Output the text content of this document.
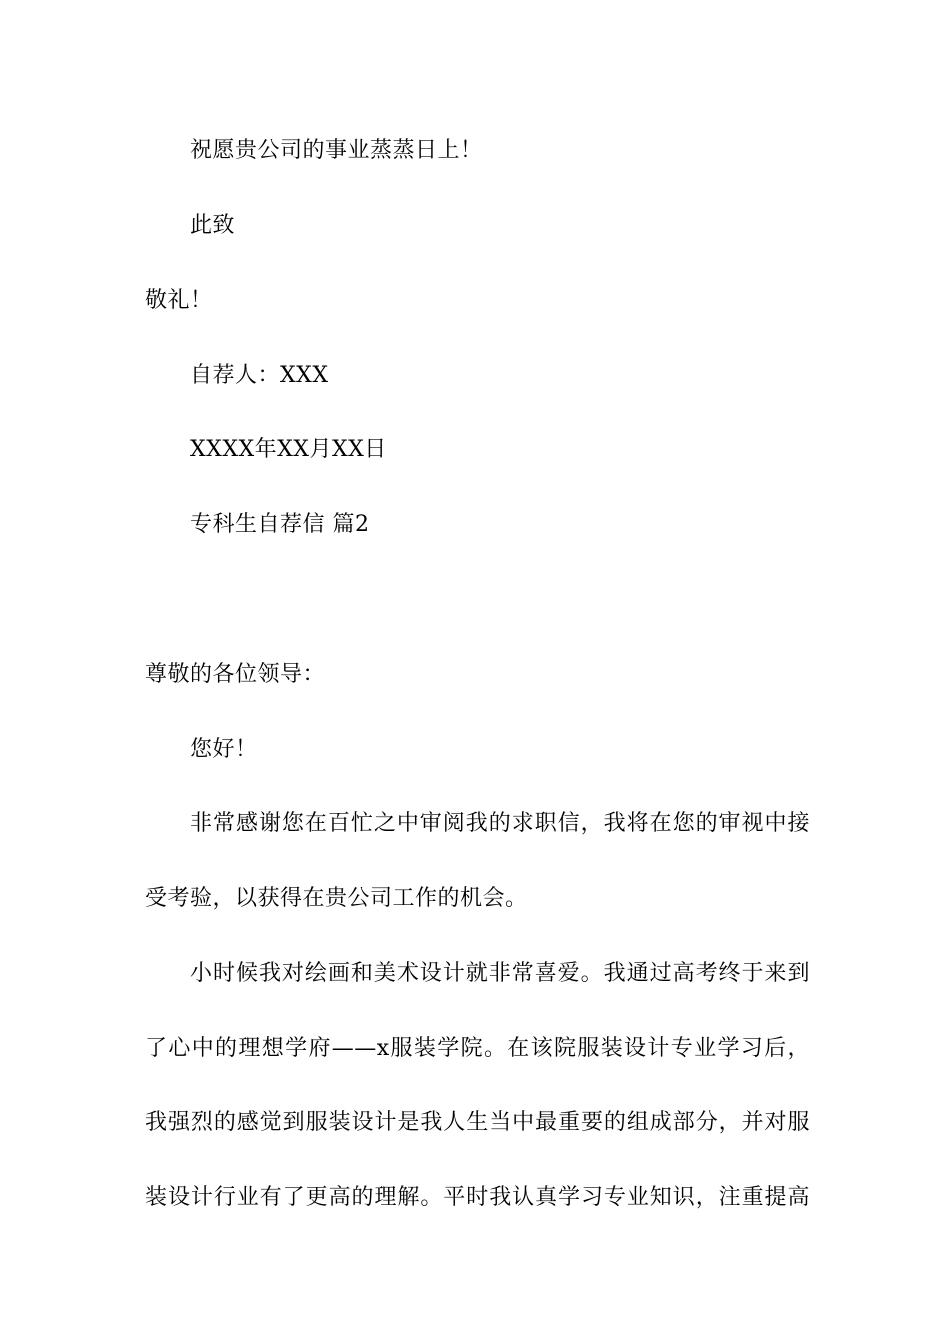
祝愿贵公司的事业蒸蒸日上！
此致
敬礼！
自荐人：XXX
XXXX年XX月XX日
专科生自荐信 篇2
尊敬的各位领导：
您好！
非常感谢您在百忙之中审阅我的求职信，我将在您的审视中接
受考验，以获得在贵公司工作的机会。
小时候我对绘画和美术设计就非常喜爱。我通过高考终于来到
了心中的理想学府——x服装学院。在该院服装设计专业学习后，
我强烈的感觉到服装设计是我人生当中最重要的组成部分，并对服
装设计行业有了更高的理解。平时我认真学习专业知识，注重提高
